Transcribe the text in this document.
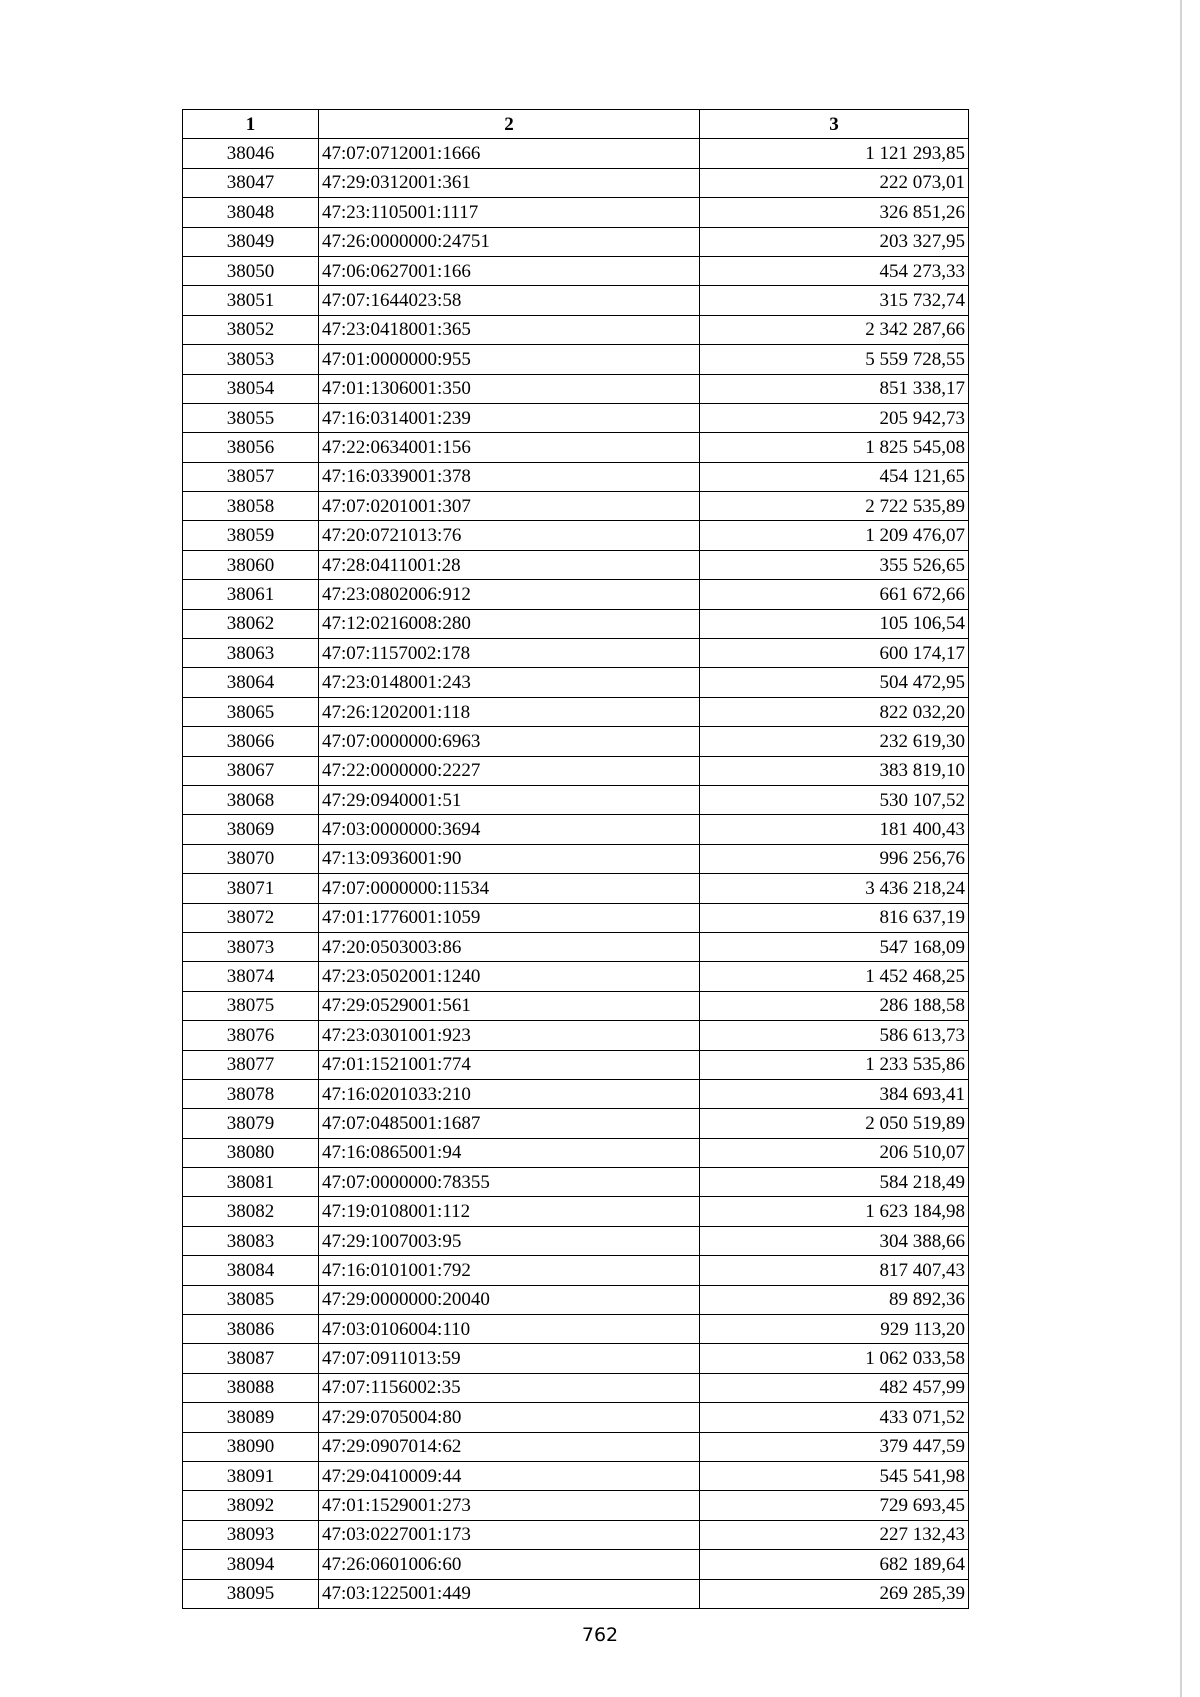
1	2	3
38046	47:07:0712001:1666	1 121 293,85
38047	47:29:0312001:361	222 073,01
38048	47:23:1105001:1117	326 851,26
38049	47:26:0000000:24751	203 327,95
38050	47:06:0627001:166	454 273,33
38051	47:07:1644023:58	315 732,74
38052	47:23:0418001:365	2 342 287,66
38053	47:01:0000000:955	5 559 728,55
38054	47:01:1306001:350	851 338,17
38055	47:16:0314001:239	205 942,73
38056	47:22:0634001:156	1 825 545,08
38057	47:16:0339001:378	454 121,65
38058	47:07:0201001:307	2 722 535,89
38059	47:20:0721013:76	1 209 476,07
38060	47:28:0411001:28	355 526,65
38061	47:23:0802006:912	661 672,66
38062	47:12:0216008:280	105 106,54
38063	47:07:1157002:178	600 174,17
38064	47:23:0148001:243	504 472,95
38065	47:26:1202001:118	822 032,20
38066	47:07:0000000:6963	232 619,30
38067	47:22:0000000:2227	383 819,10
38068	47:29:0940001:51	530 107,52
38069	47:03:0000000:3694	181 400,43
38070	47:13:0936001:90	996 256,76
38071	47:07:0000000:11534	3 436 218,24
38072	47:01:1776001:1059	816 637,19
38073	47:20:0503003:86	547 168,09
38074	47:23:0502001:1240	1 452 468,25
38075	47:29:0529001:561	286 188,58
38076	47:23:0301001:923	586 613,73
38077	47:01:1521001:774	1 233 535,86
38078	47:16:0201033:210	384 693,41
38079	47:07:0485001:1687	2 050 519,89
38080	47:16:0865001:94	206 510,07
38081	47:07:0000000:78355	584 218,49
38082	47:19:0108001:112	1 623 184,98
38083	47:29:1007003:95	304 388,66
38084	47:16:0101001:792	817 407,43
38085	47:29:0000000:20040	89 892,36
38086	47:03:0106004:110	929 113,20
38087	47:07:0911013:59	1 062 033,58
38088	47:07:1156002:35	482 457,99
38089	47:29:0705004:80	433 071,52
38090	47:29:0907014:62	379 447,59
38091	47:29:0410009:44	545 541,98
38092	47:01:1529001:273	729 693,45
38093	47:03:0227001:173	227 132,43
38094	47:26:0601006:60	682 189,64
38095	47:03:1225001:449	269 285,39
762
